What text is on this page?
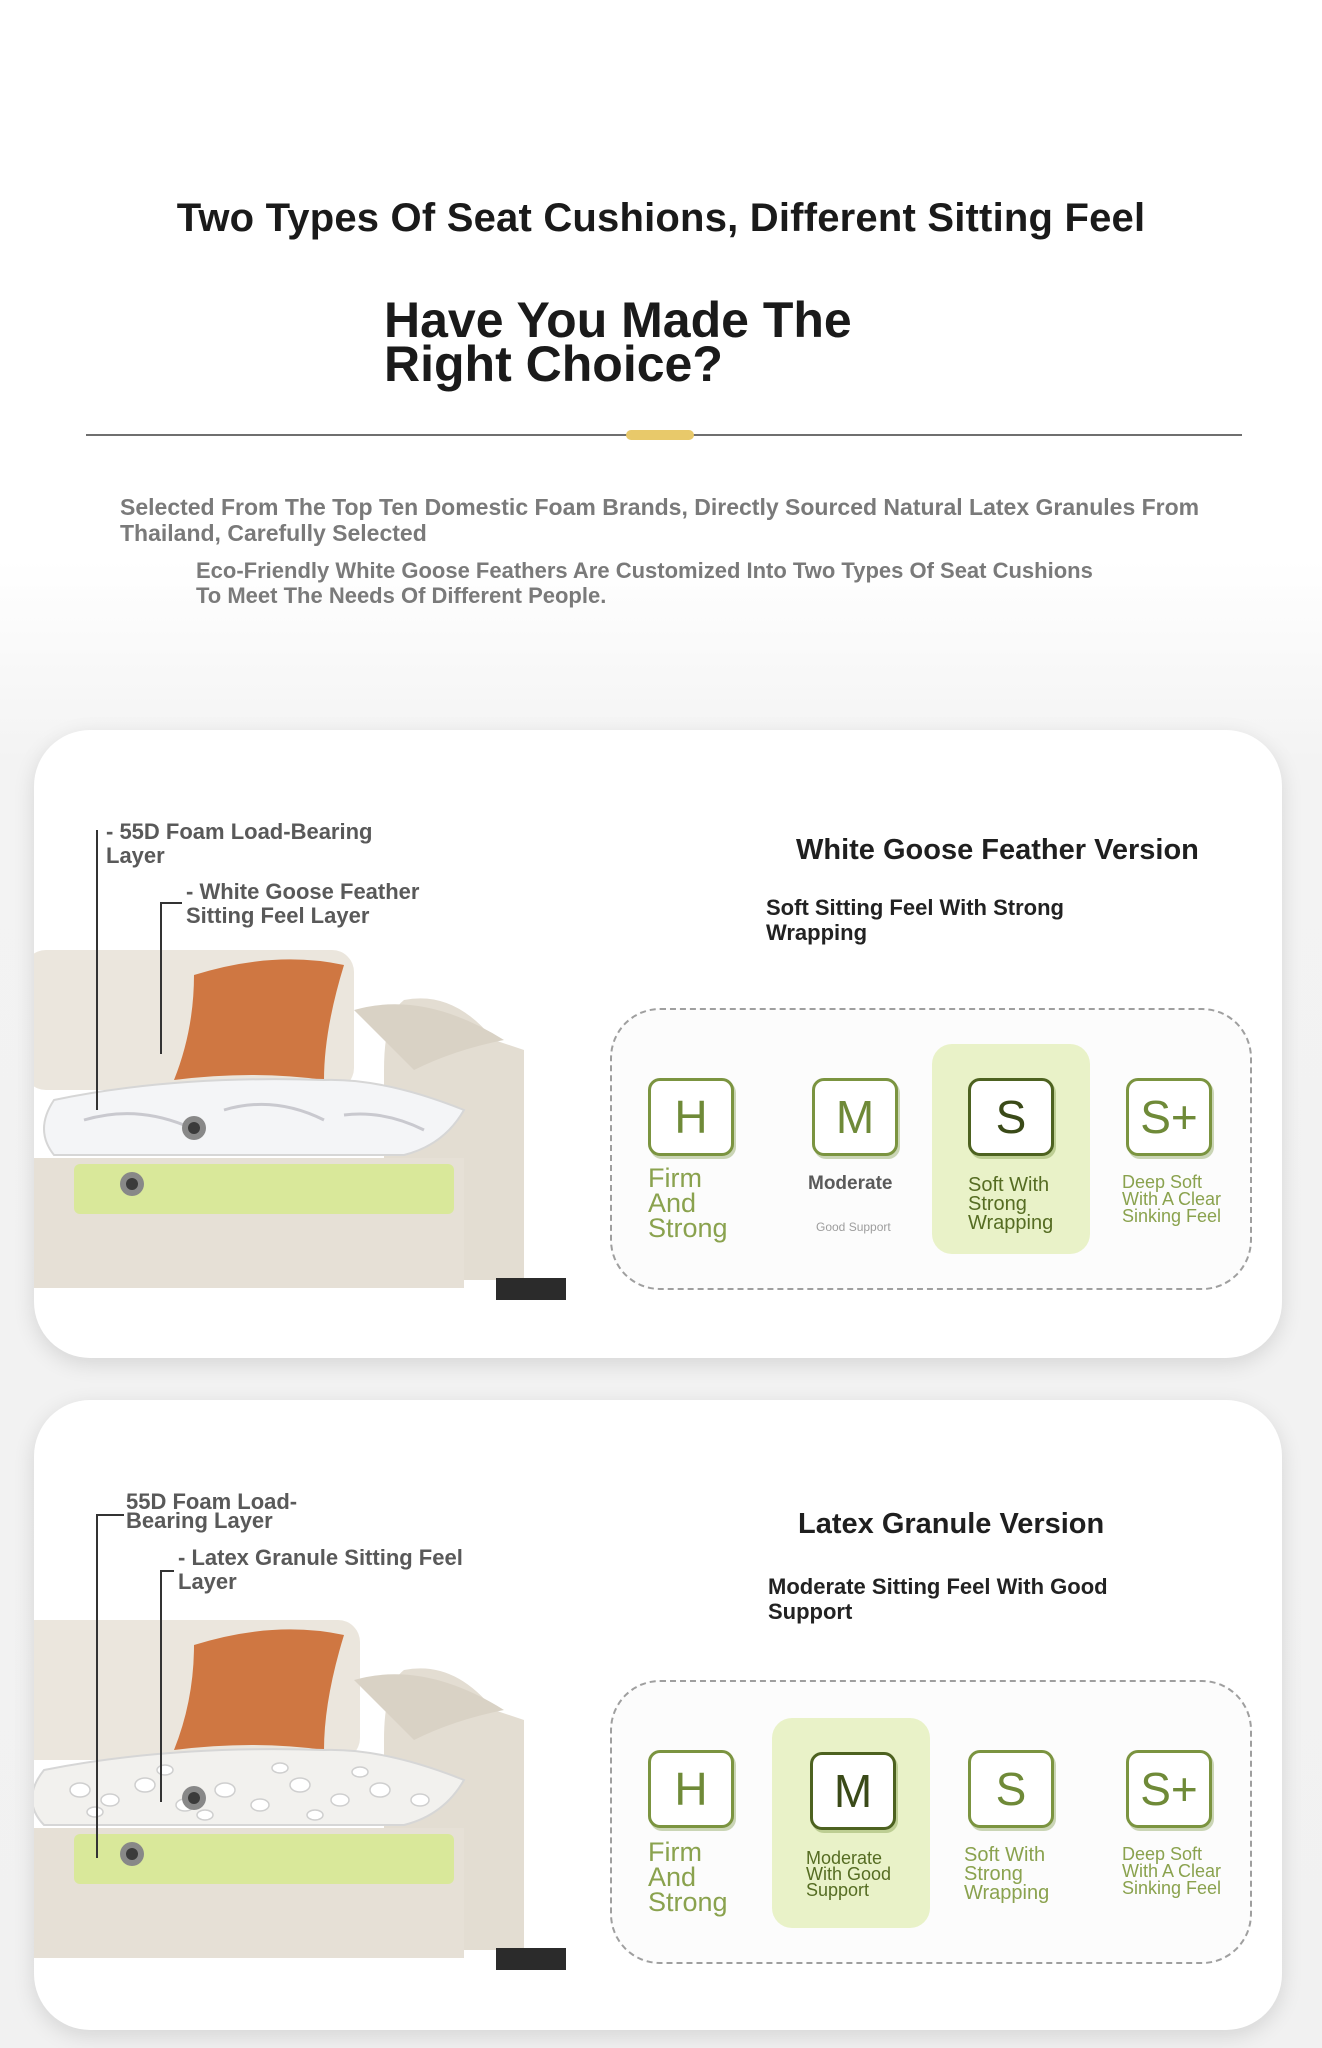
Two Types Of Seat Cushions, Different Sitting Feel
Have You Made The
Right Choice?
Selected From The Top Ten Domestic Foam Brands, Directly Sourced Natural Latex Granules From Thailand, Carefully Selected
Eco-Friendly White Goose Feathers Are Customized Into Two Types Of Seat Cushions To Meet The Needs Of Different People.
- 55D Foam Load-Bearing Layer
- White Goose Feather Sitting Feel Layer
White Goose Feather Version
Soft Sitting Feel With Strong Wrapping
H
Firm And Strong
M
Moderate
Good Support
S
Soft With Strong Wrapping
S+
Deep Soft With A Clear Sinking Feel
55D Foam Load-Bearing Layer
- Latex Granule Sitting Feel Layer
Latex Granule Version
Moderate Sitting Feel With Good Support
H
Firm And Strong
M
Moderate With Good Support
S
Soft With Strong Wrapping
S+
Deep Soft With A Clear Sinking Feel
